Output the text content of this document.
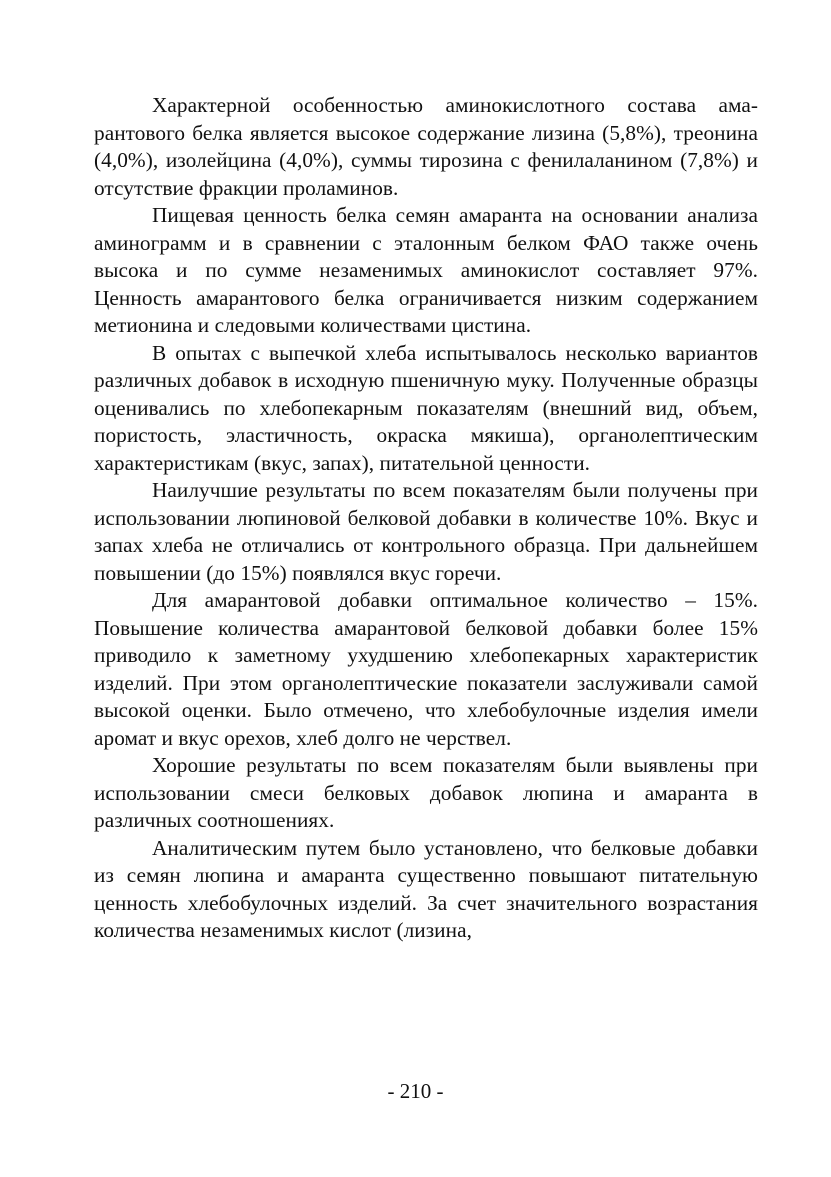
Характерной особенностью аминокислотного состава амарантового белка является высокое содержание лизина (5,8%), треонина (4,0%), изолейцина (4,0%), суммы тирозина с фенилаланином (7,8%) и отсутствие фракции проламинов.

Пищевая ценность белка семян амаранта на основании анализа аминограмм и в сравнении с эталонным белком ФАО также очень высока и по сумме незаменимых аминокислот составляет 97%. Ценность амарантового белка ограничивается низким содержанием метионина и следовыми количествами цистина.

В опытах с выпечкой хлеба испытывалось несколько вариантов различных добавок в исходную пшеничную муку. Полученные образцы оценивались по хлебопекарным показателям (внешний вид, объем, пористость, эластичность, окраска мякиша), органолептическим характеристикам (вкус, запах), питательной ценности.

Наилучшие результаты по всем показателям были получены при использовании люпиновой белковой добавки в количестве 10%. Вкус и запах хлеба не отличались от контрольного образца. При дальнейшем повышении (до 15%) появлялся вкус горечи.

Для амарантовой добавки оптимальное количество – 15%. Повышение количества амарантовой белковой добавки более 15% приводило к заметному ухудшению хлебопекарных характеристик изделий. При этом органолептические показатели заслуживали самой высокой оценки. Было отмечено, что хлебобулочные изделия имели аромат и вкус орехов, хлеб долго не черствел.

Хорошие результаты по всем показателям были выявлены при использовании смеси белковых добавок люпина и амаранта в различных соотношениях.

Аналитическим путем было установлено, что белковые добавки из семян люпина и амаранта существенно повышают питательную ценность хлебобулочных изделий. За счет значительного возрастания количества незаменимых кислот (лизина,

- 210 -
